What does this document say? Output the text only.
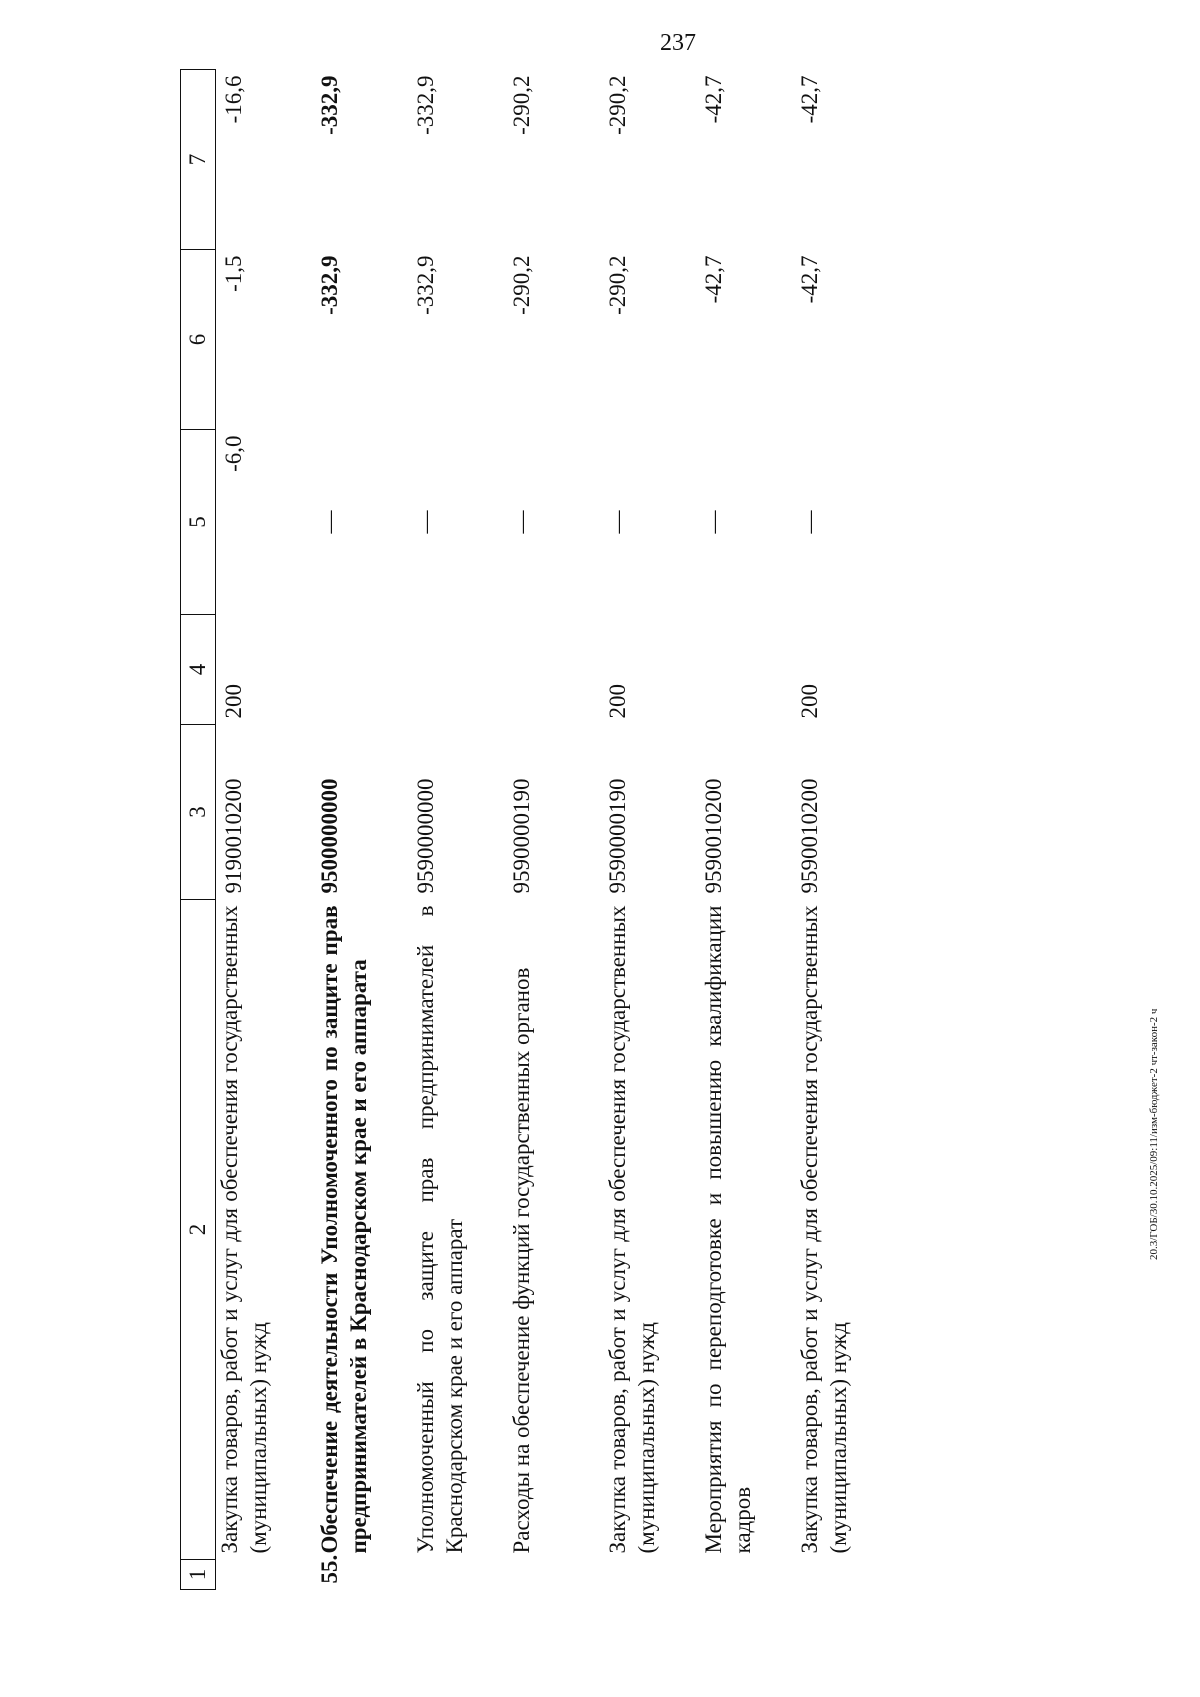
237
1	2	3	4	5	6	7
	Закупка товаров, работ и услуг для обеспечения государственных (муниципальных) нужд	9190010200	200	-6,0	-1,5	-16,6
55.	Обеспечение деятельности Уполномоченного по защите прав предпринимателей в Краснодарском крае и его аппарата	9500000000		—	-332,9	-332,9
	Уполномоченный по защите прав предпринимателей в Краснодарском крае и его аппарат	9590000000		—	-332,9	-332,9
	Расходы на обеспечение функций государственных органов	9590000190		—	-290,2	-290,2
	Закупка товаров, работ и услуг для обеспечения государственных (муниципальных) нужд	9590000190	200	—	-290,2	-290,2
	Мероприятия по переподготовке и повышению квалификации кадров	9590010200		—	-42,7	-42,7
	Закупка товаров, работ и услуг для обеспечения государственных (муниципальных) нужд	9590010200	200	—	-42,7	-42,7
20.3/ГОБ/30.10.2025/09:11/изм-бюджет-2 чт-закон-2 ч
